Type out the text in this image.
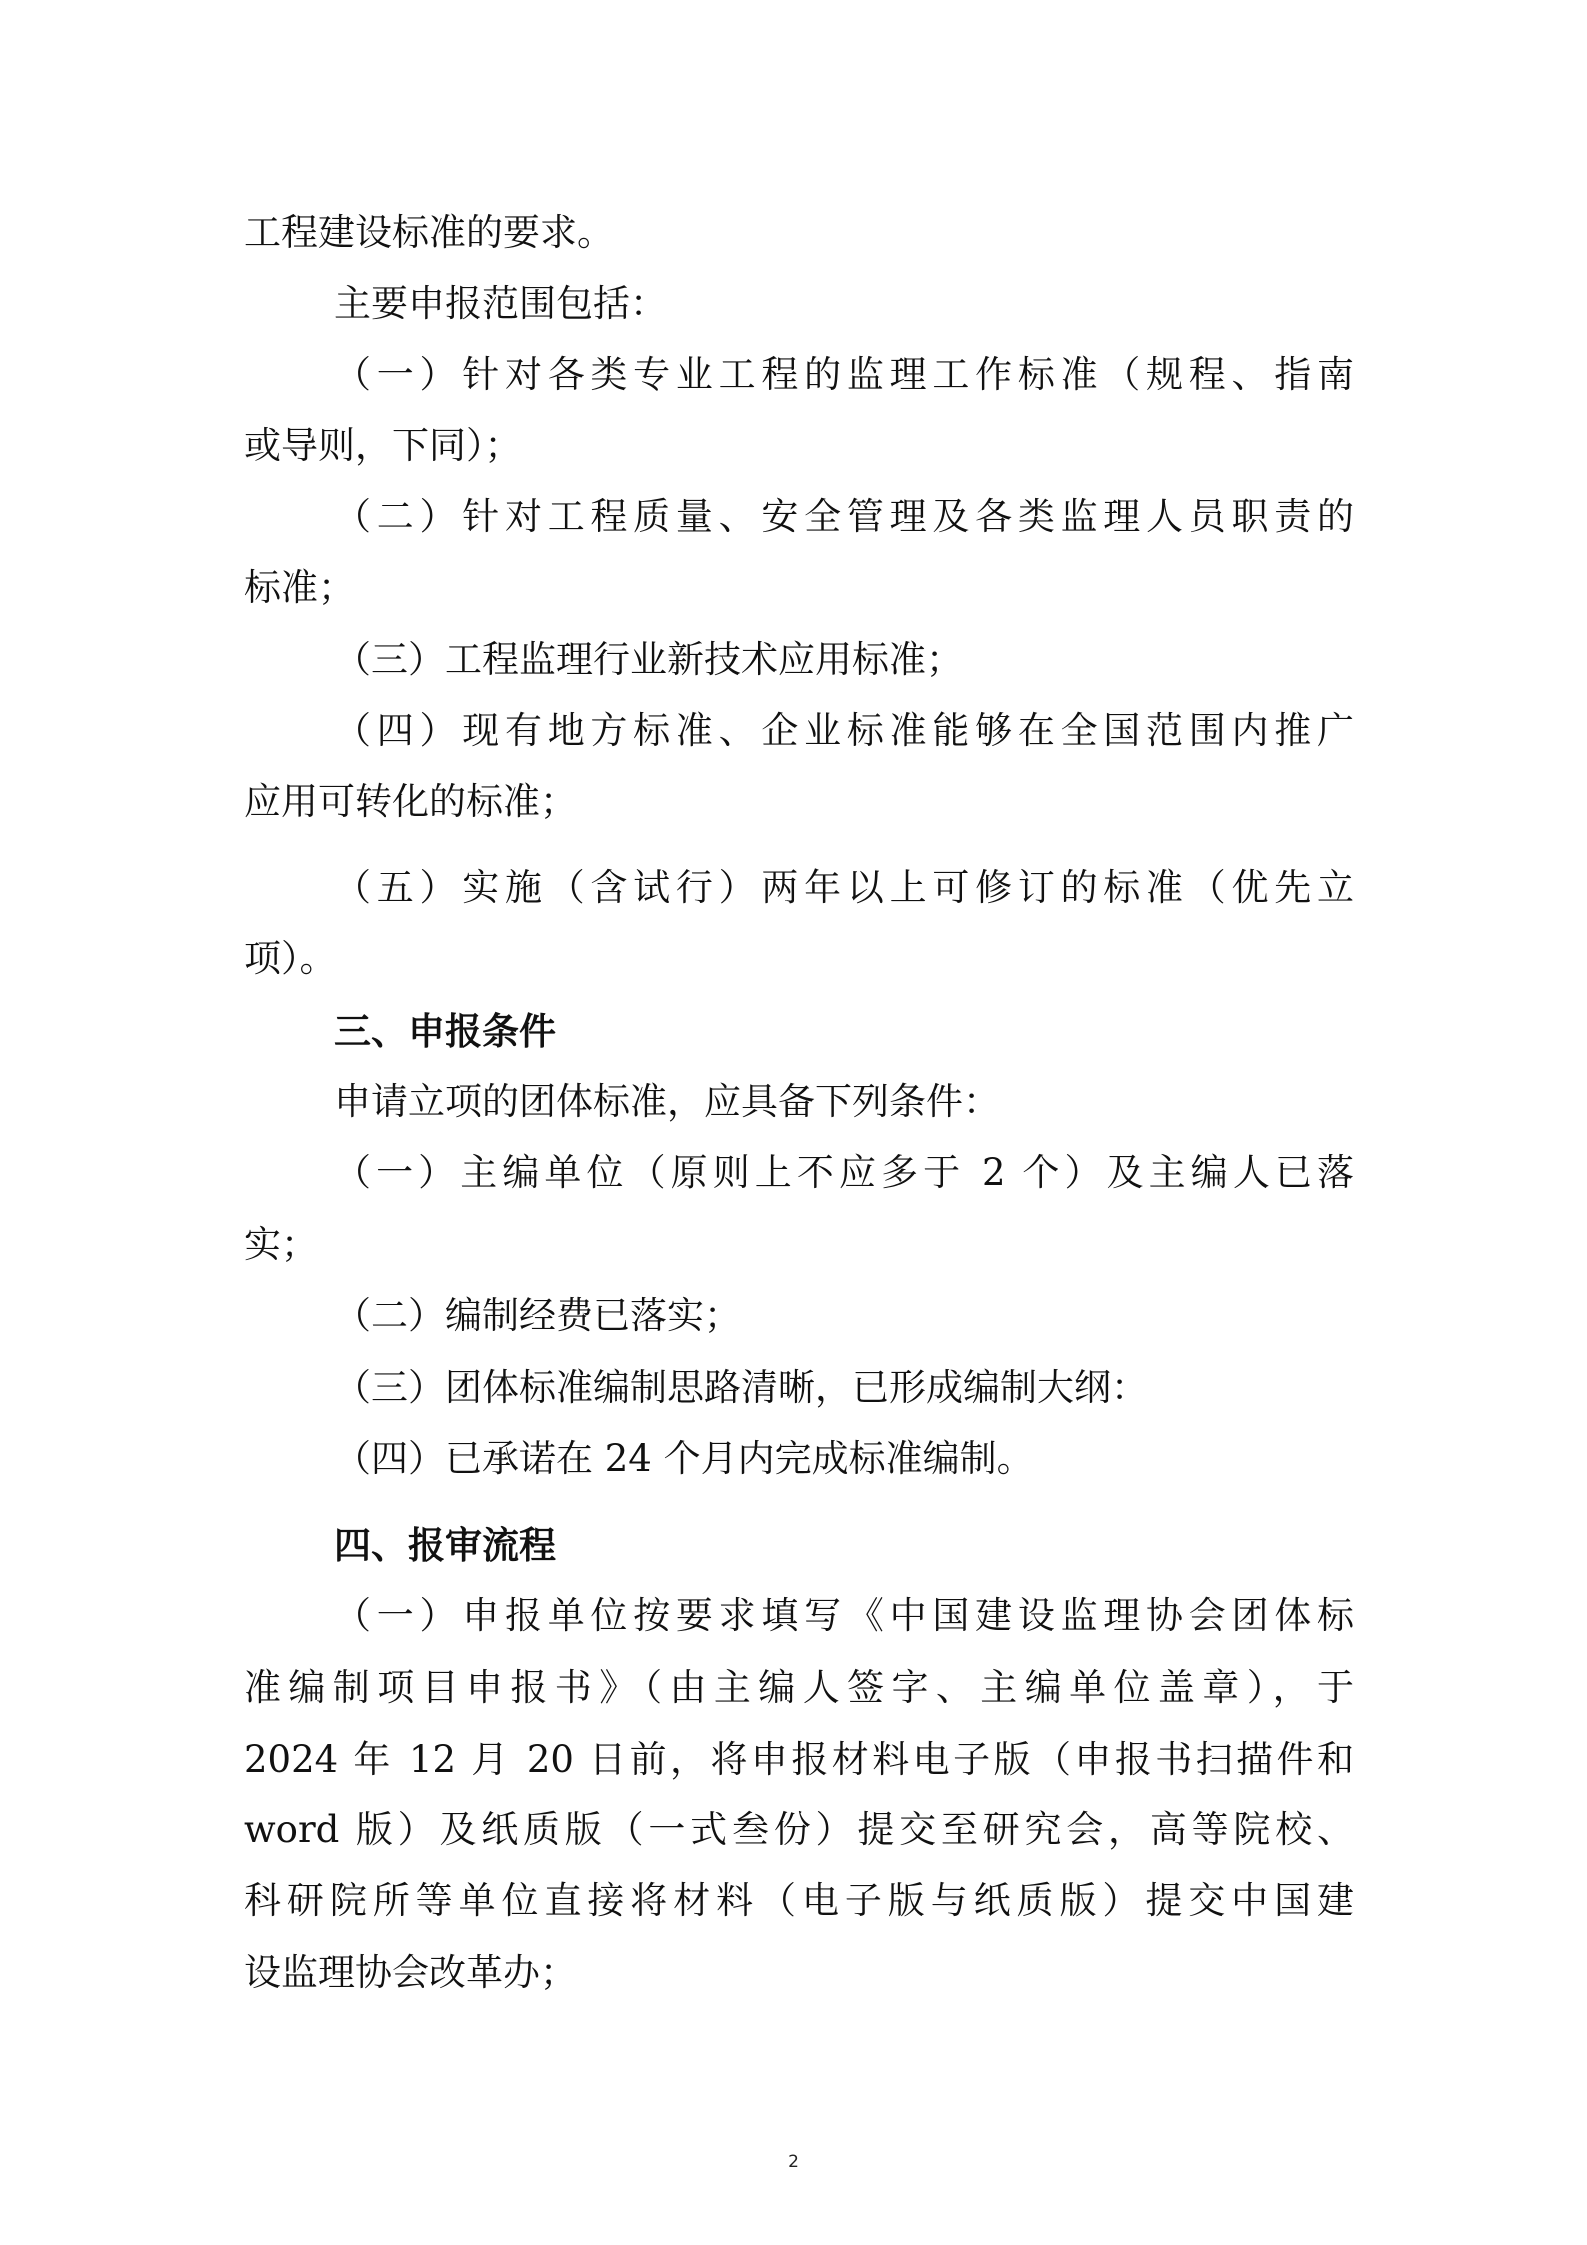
工程建设标准的要求。
主要申报范围包括：
（一）针对各类专业工程的监理工作标准（规程、指南
或导则，下同）；
（二）针对工程质量、安全管理及各类监理人员职责的
标准；
（三）工程监理行业新技术应用标准；
（四）现有地方标准、企业标准能够在全国范围内推广
应用可转化的标准；
（五）实施（含试行）两年以上可修订的标准（优先立
项）。
三、申报条件
申请立项的团体标准，应具备下列条件：
（一）主编单位（原则上不应多于 2 个）及主编人已落
实；
（二）编制经费已落实；
（三）团体标准编制思路清晰，已形成编制大纲：
（四）已承诺在 24 个月内完成标准编制。
四、报审流程
（一）申报单位按要求填写《中国建设监理协会团体标
准编制项目申报书》（由主编人签字、主编单位盖章），于
2024 年 12 月 20 日前，将申报材料电子版（申报书扫描件和
word 版）及纸质版（一式叁份）提交至研究会，高等院校、
科研院所等单位直接将材料（电子版与纸质版）提交中国建
设监理协会改革办；
2
